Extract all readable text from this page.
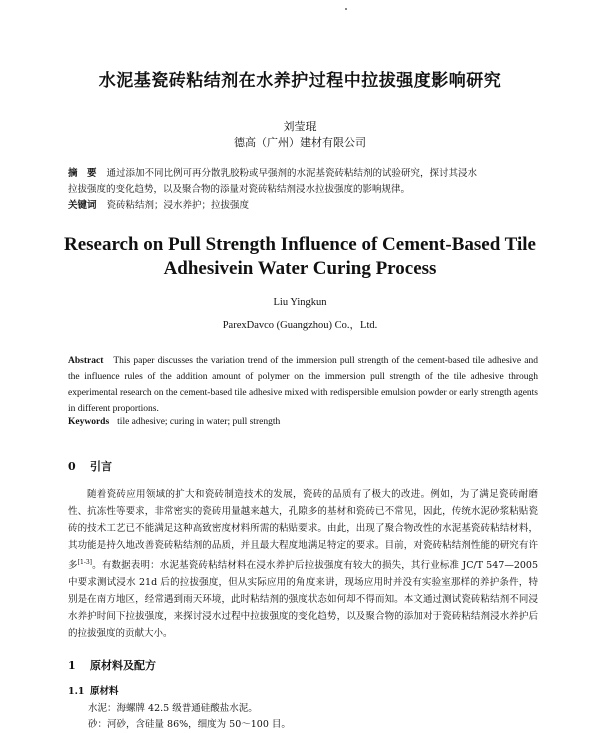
水泥基瓷砖粘结剂在水养护过程中拉拔强度影响研究
刘莹琨
德高（广州）建材有限公司
摘　要 通过添加不同比例可再分散乳胶粉或早强剂的水泥基瓷砖粘结剂的试验研究，探讨其浸水
拉拔强度的变化趋势，以及聚合物的添量对瓷砖粘结剂浸水拉拔强度的影响规律。
关键词 瓷砖粘结剂；浸水养护；拉拔强度
Research on Pull Strength Influence of Cement-Based Tile
Adhesivein Water Curing Process
Liu Yingkun
ParexDavco (Guangzhou) Co.，Ltd.
Abstract This paper discusses the variation trend of the immersion pull strength of the cement-based tile adhesive and the influence rules of the addition amount of polymer on the immersion pull strength of the tile adhesive through experimental research on the cement-based tile adhesive mixed with redispersible emulsion powder or early strength agents in different proportions.
Keywords tile adhesive; curing in water; pull strength
0 引言
随着瓷砖应用领域的扩大和瓷砖制造技术的发展，瓷砖的品质有了极大的改进。例如，为了满足瓷砖耐磨性、抗冻性等要求，非常密实的瓷砖用量越来越大，孔隙多的基材和瓷砖已不常见，因此，传统水泥砂浆粘贴瓷砖的技术工艺已不能满足这种高致密度材料所需的粘贴要求。由此，出现了聚合物改性的水泥基瓷砖粘结材料，其功能是持久地改善瓷砖粘结剂的品质，并且最大程度地满足特定的要求。目前，对瓷砖粘结剂性能的研究有许多[1-3]。有数据表明：水泥基瓷砖粘结材料在浸水养护后拉拔强度有较大的损失，其行业标准 JC/T 547—2005 中要求测试浸水 21d 后的拉拔强度，但从实际应用的角度来讲，现场应用时并没有实验室那样的养护条件，特别是在南方地区，经常遇到雨天环境，此时粘结剂的强度状态如何却不得而知。本文通过测试瓷砖粘结剂不同浸水养护时间下拉拔强度，来探讨浸水过程中拉拔强度的变化趋势，以及聚合物的添加对于瓷砖粘结剂浸水养护后的拉拔强度的贡献大小。
1 原材料及配方
1.1 原材料
水泥：海螺牌 42.5 级普通硅酸盐水泥。
砂：河砂，含硅量 86%，细度为 50～100 目。
